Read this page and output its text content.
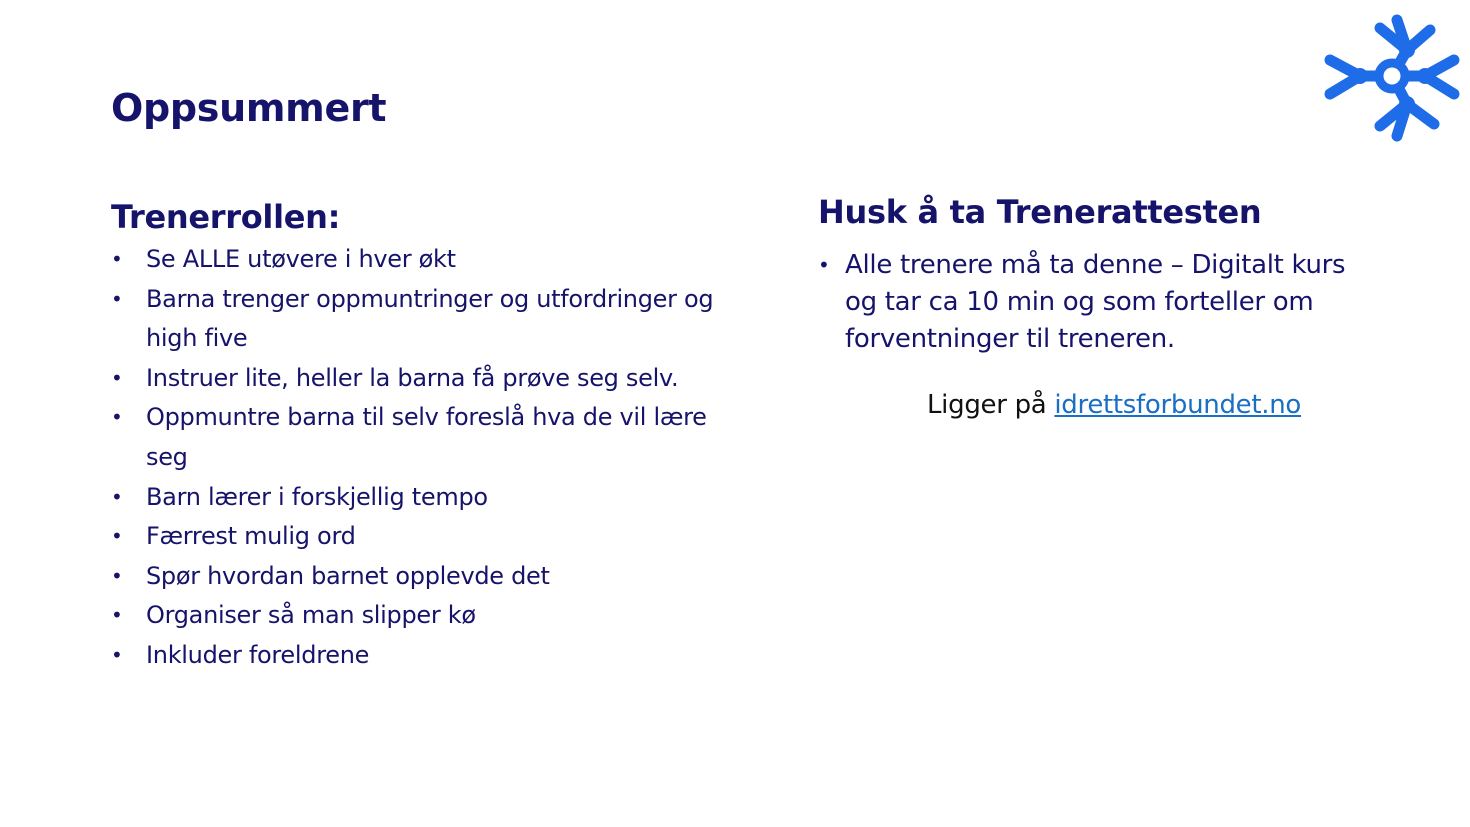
Oppsummert
Trenerrollen:
• Se ALLE utøvere i hver økt
• Barna trenger oppmuntringer og utfordringer og high five
• Instruer lite, heller la barna få prøve seg selv.
• Oppmuntre barna til selv foreslå hva de vil lære seg
• Barn lærer i forskjellig tempo
• Færrest mulig ord
• Spør hvordan barnet opplevde det
• Organiser så man slipper kø
• Inkluder foreldrene
Husk å ta Trenerattesten
• Alle trenere må ta denne – Digitalt kurs og tar ca 10 min og som forteller om forventninger til treneren.
Ligger på idrettsforbundet.no
